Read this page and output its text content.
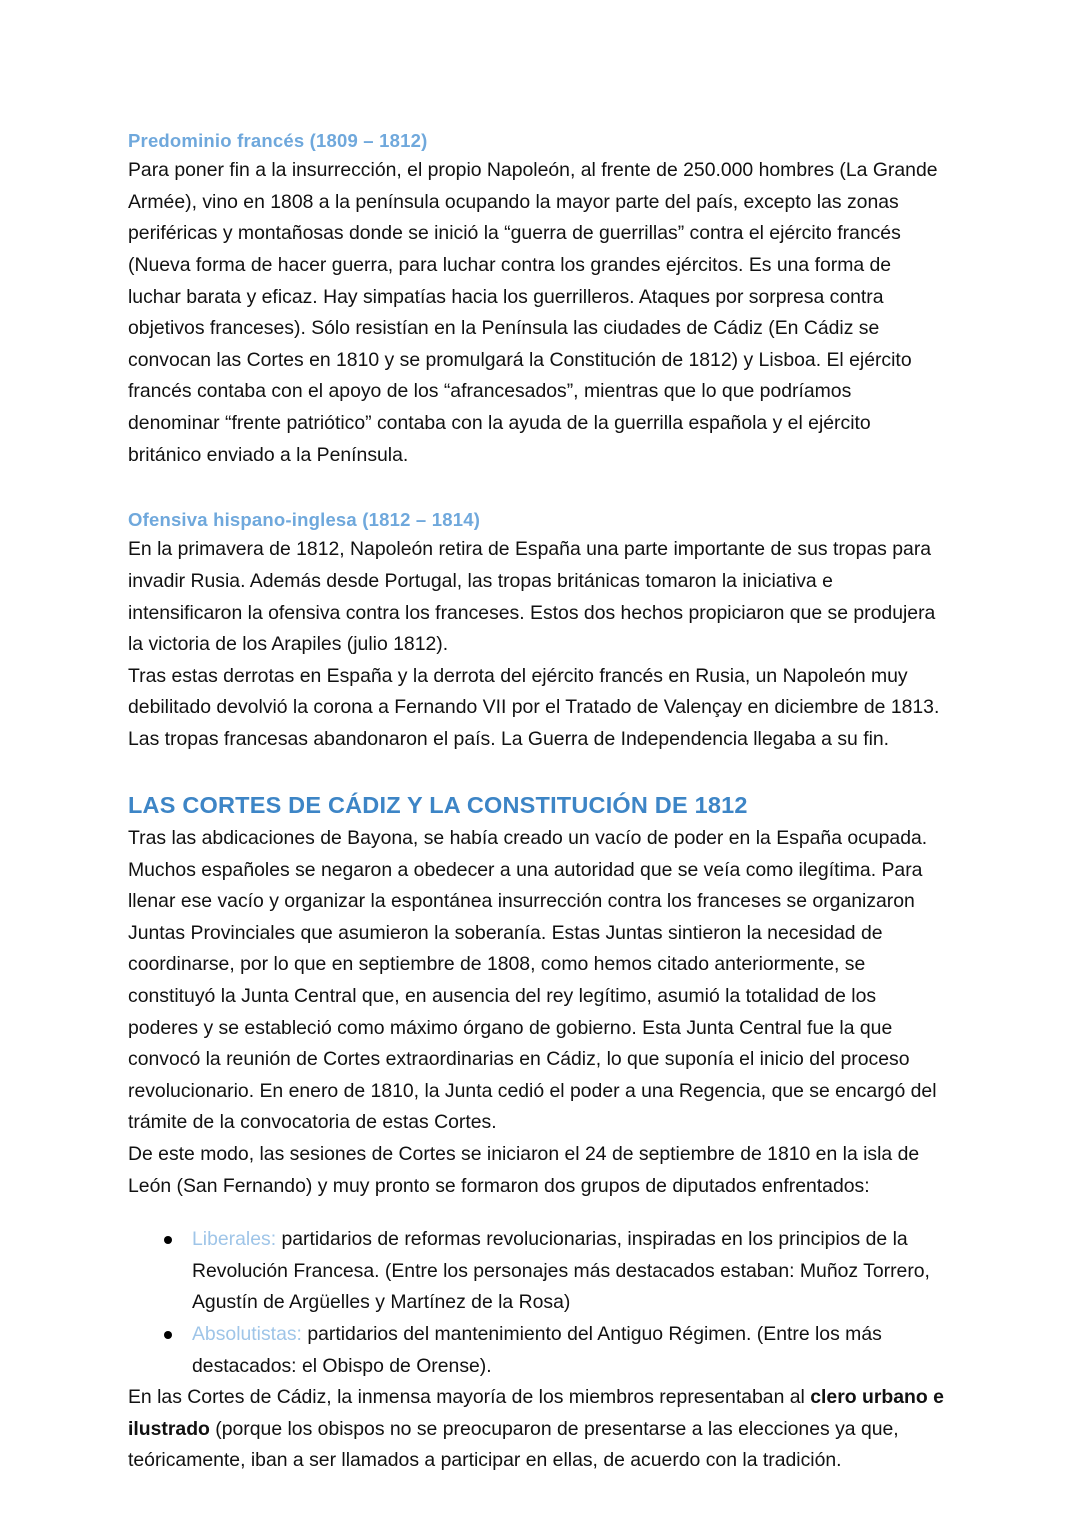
Predominio francés (1809 – 1812)

Para poner fin a la insurrección, el propio Napoleón, al frente de 250.000 hombres (La Grande Armée), vino en 1808 a la península ocupando la mayor parte del país, excepto las zonas periféricas y montañosas donde se inició la “guerra de guerrillas” contra el ejército francés (Nueva forma de hacer guerra, para luchar contra los grandes ejércitos. Es una forma de luchar barata y eficaz. Hay simpatías hacia los guerrilleros. Ataques por sorpresa contra objetivos franceses). Sólo resistían en la Península las ciudades de Cádiz (En Cádiz se convocan las Cortes en 1810 y se promulgará la Constitución de 1812) y Lisboa. El ejército francés contaba con el apoyo de los “afrancesados”, mientras que lo que podríamos denominar “frente patriótico” contaba con la ayuda de la guerrilla española y el ejército británico enviado a la Península.

Ofensiva hispano-inglesa (1812 – 1814)

En la primavera de 1812, Napoleón retira de España una parte importante de sus tropas para invadir Rusia. Además desde Portugal, las tropas británicas tomaron la iniciativa e intensificaron la ofensiva contra los franceses. Estos dos hechos propiciaron que se produjera la victoria de los Arapiles (julio 1812).

Tras estas derrotas en España y la derrota del ejército francés en Rusia, un Napoleón muy debilitado devolvió la corona a Fernando VII por el Tratado de Valençay en diciembre de 1813. Las tropas francesas abandonaron el país. La Guerra de Independencia llegaba a su fin.

LAS CORTES DE CÁDIZ Y LA CONSTITUCIÓN DE 1812

Tras las abdicaciones de Bayona, se había creado un vacío de poder en la España ocupada. Muchos españoles se negaron a obedecer a una autoridad que se veía como ilegítima. Para llenar ese vacío y organizar la espontánea insurrección contra los franceses se organizaron Juntas Provinciales que asumieron la soberanía. Estas Juntas sintieron la necesidad de coordinarse, por lo que en septiembre de 1808, como hemos citado anteriormente, se constituyó la Junta Central que, en ausencia del rey legítimo, asumió la totalidad de los poderes y se estableció como máximo órgano de gobierno. Esta Junta Central fue la que convocó la reunión de Cortes extraordinarias en Cádiz, lo que suponía el inicio del proceso revolucionario. En enero de 1810, la Junta cedió el poder a una Regencia, que se encargó del trámite de la convocatoria de estas Cortes.

De este modo, las sesiones de Cortes se iniciaron el 24 de septiembre de 1810 en la isla de León (San Fernando) y muy pronto se formaron dos grupos de diputados enfrentados:

Liberales: partidarios de reformas revolucionarias, inspiradas en los principios de la Revolución Francesa. (Entre los personajes más destacados estaban: Muñoz Torrero, Agustín de Argüelles y Martínez de la Rosa)
Absolutistas: partidarios del mantenimiento del Antiguo Régimen. (Entre los más destacados: el Obispo de Orense).

En las Cortes de Cádiz, la inmensa mayoría de los miembros representaban al clero urbano e ilustrado (porque los obispos no se preocuparon de presentarse a las elecciones ya que, teóricamente, iban a ser llamados a participar en ellas, de acuerdo con la tradición.
